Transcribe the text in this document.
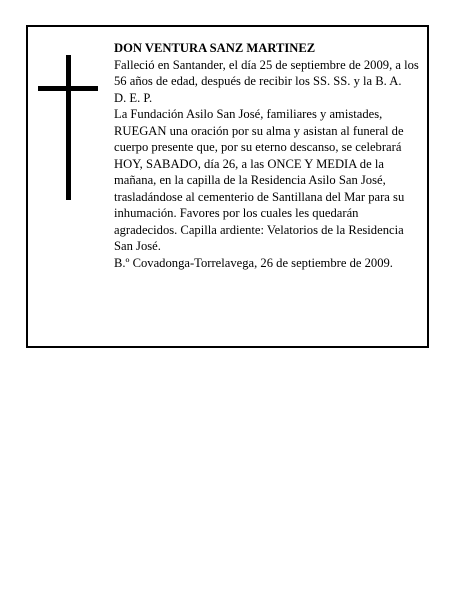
DON VENTURA SANZ MARTINEZ

Falleció en Santander, el día 25 de septiembre de 2009, a los 56 años de edad, después de recibir los SS. SS. y la B. A.

D. E. P.

La Fundación Asilo San José, familiares y amistades, RUEGAN una oración por su alma y asistan al funeral de cuerpo presente que, por su eterno descanso, se celebrará HOY, SABADO, día 26, a las ONCE Y MEDIA de la mañana, en la capilla de la Residencia Asilo San José, trasladándose al cementerio de Santillana del Mar para su inhumación. Favores por los cuales les quedarán agradecidos. Capilla ardiente: Velatorios de la Residencia San José.

B.º Covadonga-Torrelavega, 26 de septiembre de 2009.
